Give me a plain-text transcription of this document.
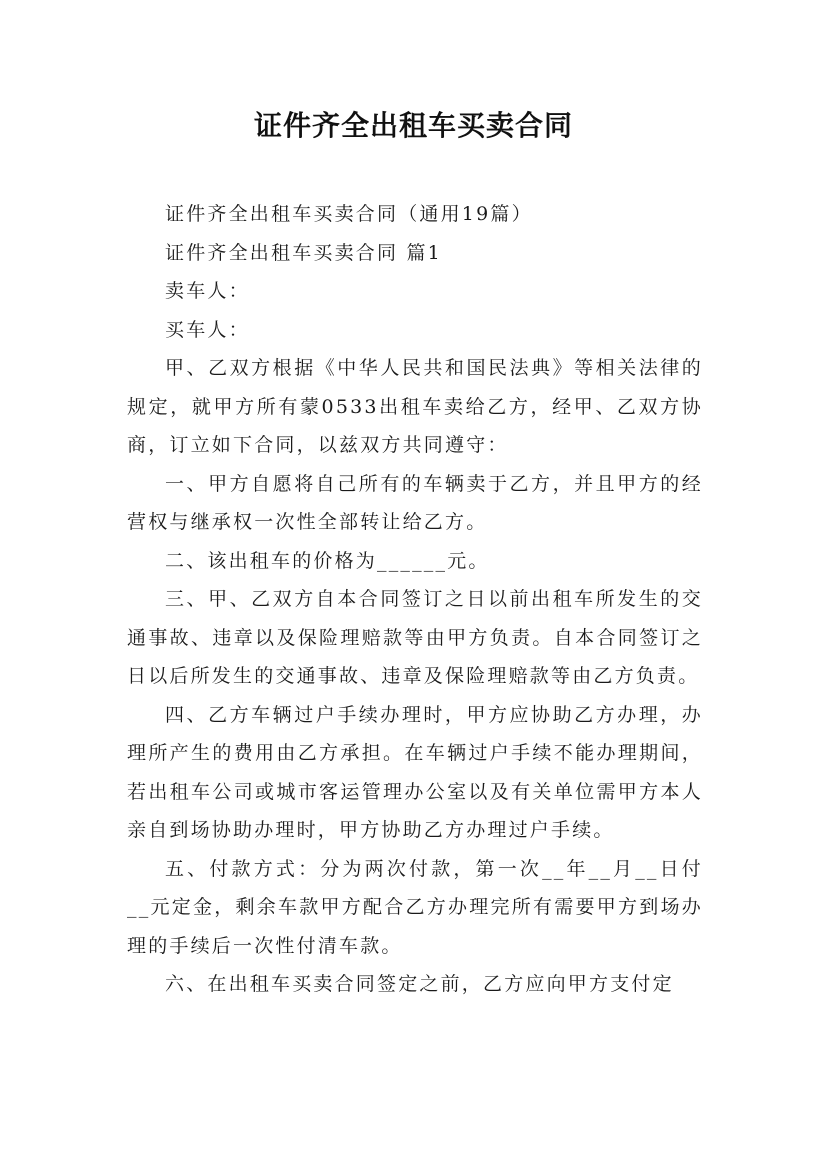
证件齐全出租车买卖合同

证件齐全出租车买卖合同（通用19篇）

证件齐全出租车买卖合同 篇1

卖车人：

买车人：

甲、乙双方根据《中华人民共和国民法典》等相关法律的规定，就甲方所有蒙0533出租车卖给乙方，经甲、乙双方协商，订立如下合同，以兹双方共同遵守：

一、甲方自愿将自己所有的车辆卖于乙方，并且甲方的经营权与继承权一次性全部转让给乙方。

二、该出租车的价格为______元。

三、甲、乙双方自本合同签订之日以前出租车所发生的交通事故、违章以及保险理赔款等由甲方负责。自本合同签订之日以后所发生的交通事故、违章及保险理赔款等由乙方负责。

四、乙方车辆过户手续办理时，甲方应协助乙方办理，办理所产生的费用由乙方承担。在车辆过户手续不能办理期间，若出租车公司或城市客运管理办公室以及有关单位需甲方本人亲自到场协助办理时，甲方协助乙方办理过户手续。

五、付款方式：分为两次付款，第一次__年__月__日付__元定金，剩余车款甲方配合乙方办理完所有需要甲方到场办理的手续后一次性付清车款。

六、在出租车买卖合同签定之前，乙方应向甲方支付定
